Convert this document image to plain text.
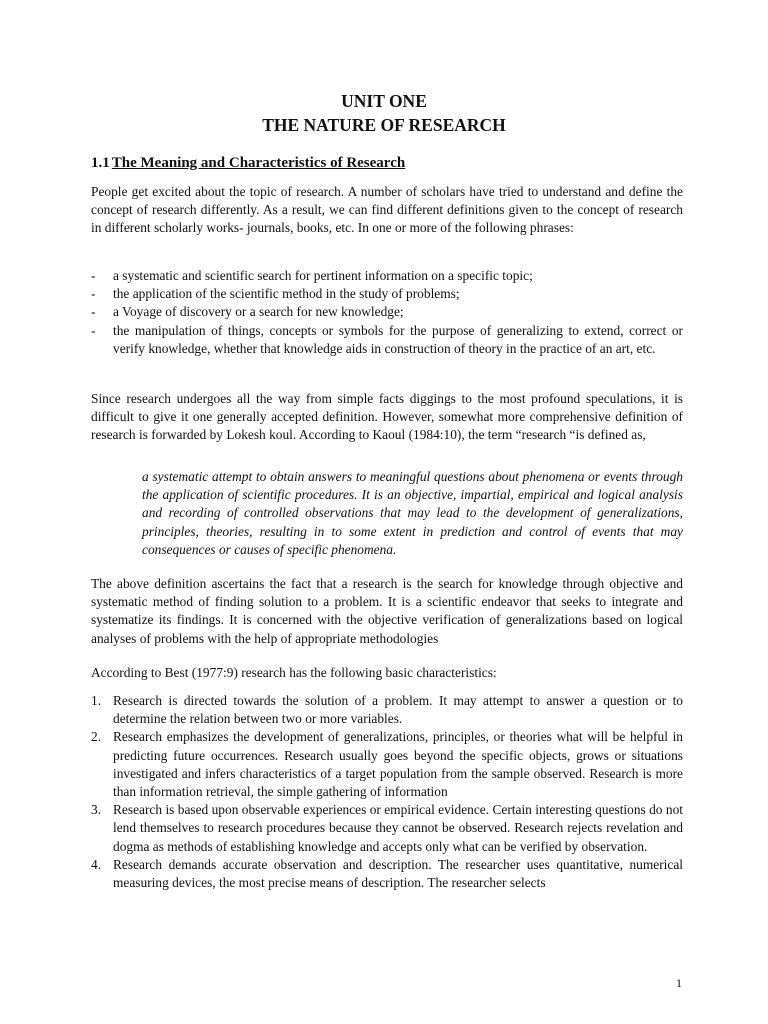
UNIT ONE
THE NATURE OF RESEARCH
1.1 The Meaning and Characteristics of Research

People get excited about the topic of research. A number of scholars have tried to understand and define the concept of research differently. As a result, we can find different definitions given to the concept of research in different scholarly works- journals, books, etc. In one or more of the following phrases:

- a systematic and scientific search for pertinent information on a specific topic;
- the application of the scientific method in the study of problems;
- a Voyage of discovery or a search for new knowledge;
- the manipulation of things, concepts or symbols for the purpose of generalizing to extend, correct or verify knowledge, whether that knowledge aids in construction of theory in the practice of an art, etc.

Since research undergoes all the way from simple facts diggings to the most profound speculations, it is difficult to give it one generally accepted definition. However, somewhat more comprehensive definition of research is forwarded by Lokesh koul. According to Kaoul (1984:10), the term “research “is defined as,

a systematic attempt to obtain answers to meaningful questions about phenomena or events through the application of scientific procedures. It is an objective, impartial, empirical and logical analysis and recording of controlled observations that may lead to the development of generalizations, principles, theories, resulting in to some extent in prediction and control of events that may consequences or causes of specific phenomena.

The above definition ascertains the fact that a research is the search for knowledge through objective and systematic method of finding solution to a problem. It is a scientific endeavor that seeks to integrate and systematize its findings. It is concerned with the objective verification of generalizations based on logical analyses of problems with the help of appropriate methodologies

According to Best (1977:9) research has the following basic characteristics:

1. Research is directed towards the solution of a problem. It may attempt to answer a question or to determine the relation between two or more variables.
2. Research emphasizes the development of generalizations, principles, or theories what will be helpful in predicting future occurrences. Research usually goes beyond the specific objects, grows or situations investigated and infers characteristics of a target population from the sample observed. Research is more than information retrieval, the simple gathering of information
3. Research is based upon observable experiences or empirical evidence. Certain interesting questions do not lend themselves to research procedures because they cannot be observed. Research rejects revelation and dogma as methods of establishing knowledge and accepts only what can be verified by observation.
4. Research demands accurate observation and description. The researcher uses quantitative, numerical measuring devices, the most precise means of description. The researcher selects
1
